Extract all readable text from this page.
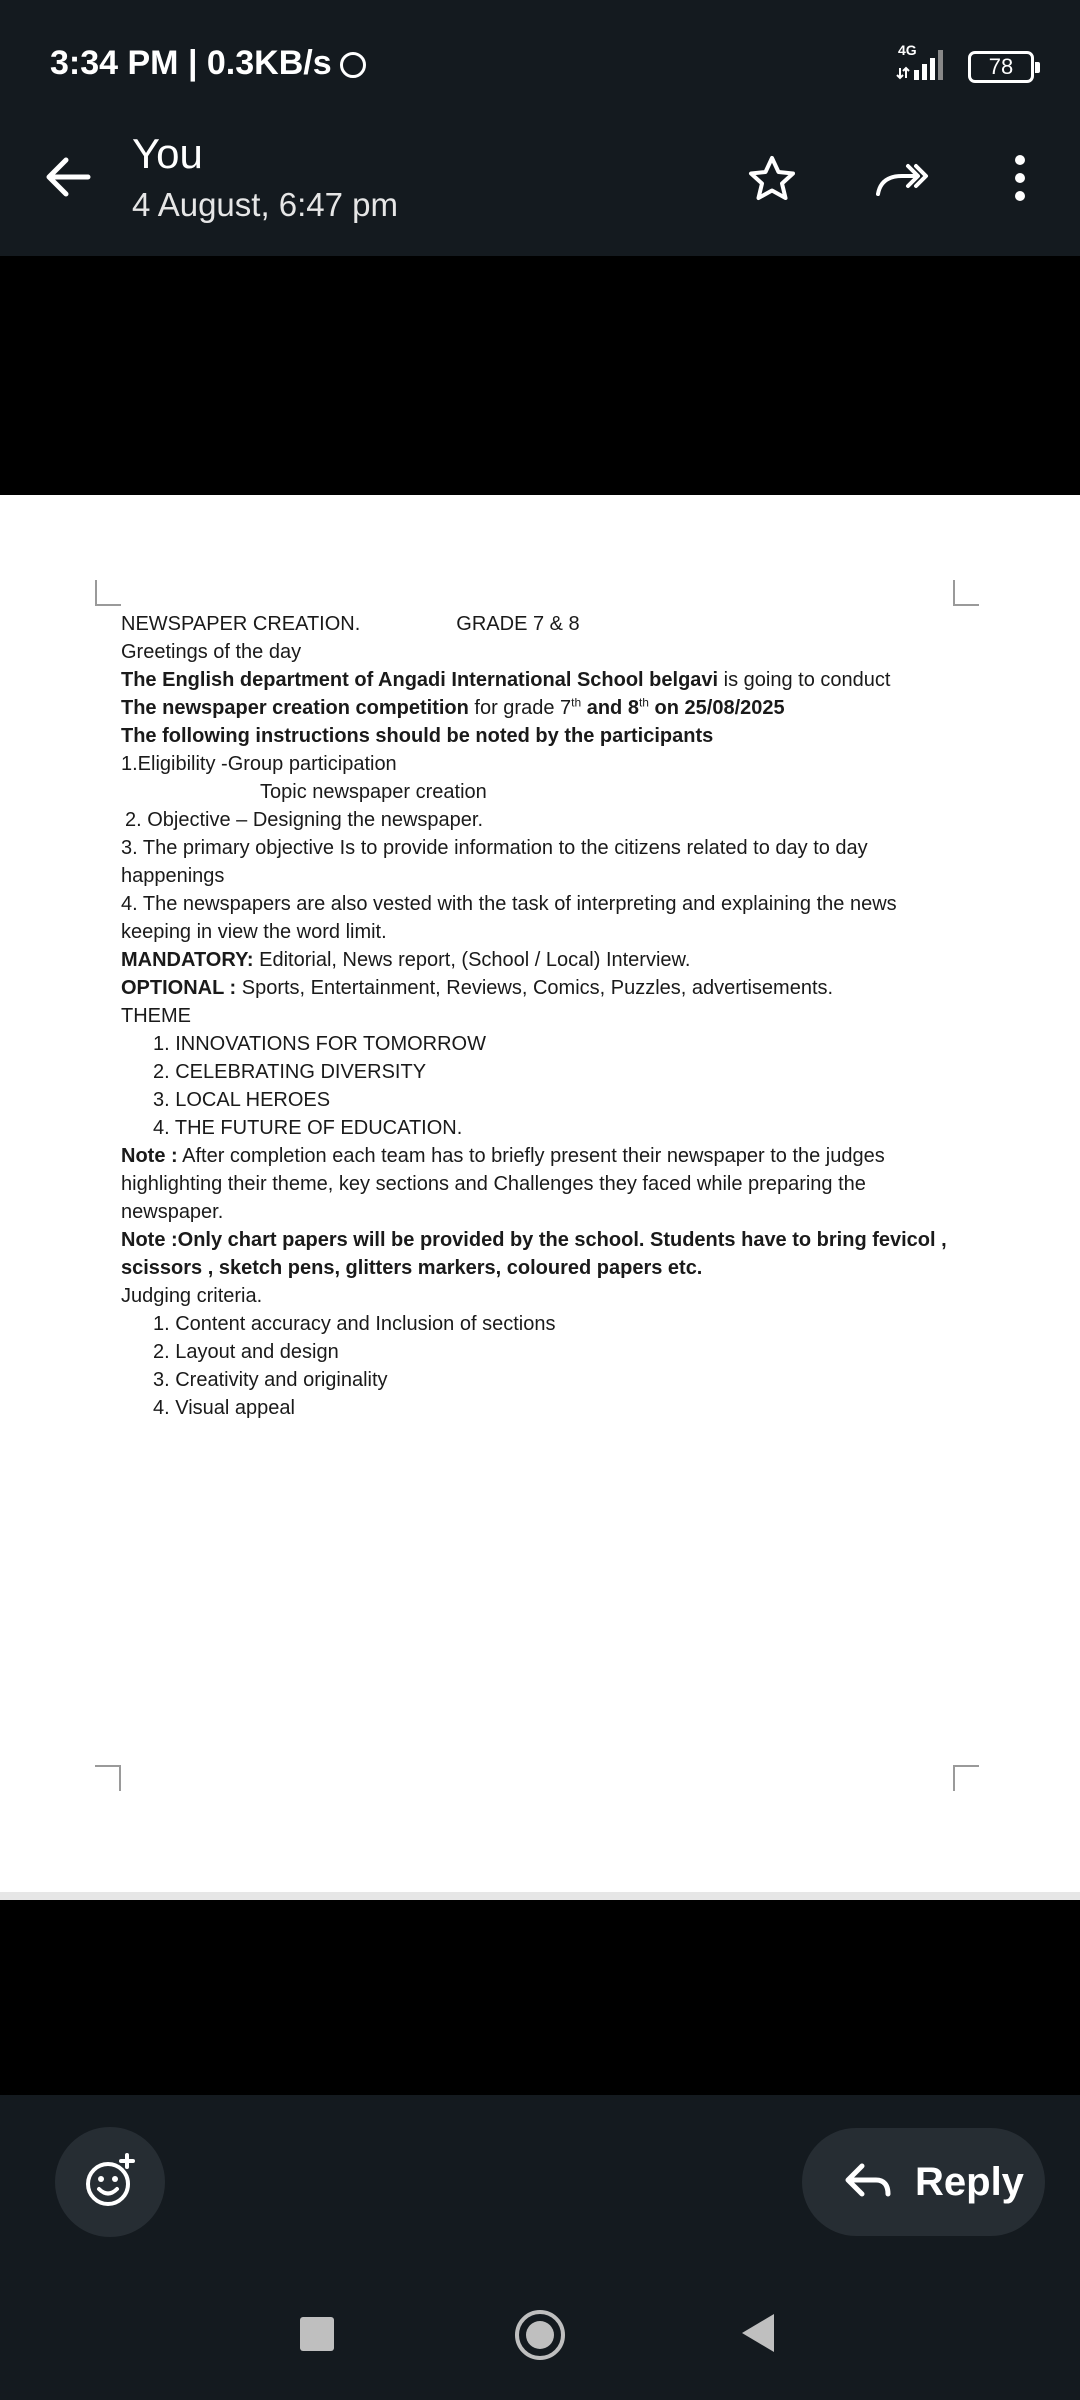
3:34 PM | 0.3KB/s	4G
78
You
4 August, 6:47 pm

NEWSPAPER CREATION.	GRADE 7 & 8

Greetings of the day

The English department of Angadi International School belgavi is going to conduct
The newspaper creation competition for grade 7th and 8th on 25/08/2025

The following instructions should be noted by the participants

1.Eligibility -Group participation

Topic newspaper creation

2. Objective – Designing the newspaper.

3. The primary objective Is to provide information to the citizens related to day to day happenings

4. The newspapers are also vested with the task of interpreting and explaining the news keeping in view the word limit.

MANDATORY: Editorial, News report, (School / Local) Interview.

OPTIONAL : Sports, Entertainment, Reviews, Comics, Puzzles, advertisements.

THEME

1. INNOVATIONS FOR TOMORROW

2. CELEBRATING DIVERSITY

3. LOCAL HEROES

4. THE FUTURE OF EDUCATION.

Note : After completion each team has to briefly present their newspaper to the judges highlighting their theme, key sections and Challenges they faced while preparing the newspaper.

Note :Only chart papers will be provided by the school. Students have to bring fevicol , scissors , sketch pens, glitters markers, coloured papers etc.

Judging criteria.

1. Content accuracy and Inclusion of sections

2. Layout and design

3. Creativity and originality

4. Visual appeal

Reply
